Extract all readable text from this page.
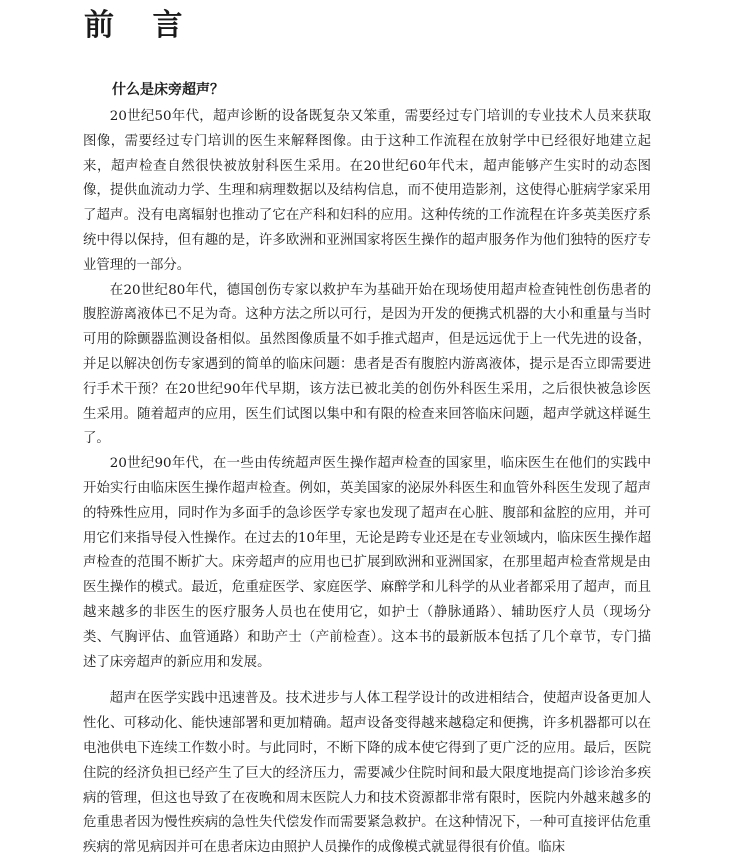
前 言
什么是床旁超声？

20世纪50年代，超声诊断的设备既复杂又笨重，需要经过专门培训的专业技术人员来获取图像，需要经过专门培训的医生来解释图像。由于这种工作流程在放射学中已经很好地建立起来，超声检查自然很快被放射科医生采用。在20世纪60年代末，超声能够产生实时的动态图像，提供血流动力学、生理和病理数据以及结构信息，而不使用造影剂，这使得心脏病学家采用了超声。没有电离辐射也推动了它在产科和妇科的应用。这种传统的工作流程在许多英美医疗系统中得以保持，但有趣的是，许多欧洲和亚洲国家将医生操作的超声服务作为他们独特的医疗专业管理的一部分。

在20世纪80年代，德国创伤专家以救护车为基础开始在现场使用超声检查钝性创伤患者的腹腔游离液体已不足为奇。这种方法之所以可行，是因为开发的便携式机器的大小和重量与当时可用的除颤器监测设备相似。虽然图像质量不如手推式超声，但是远远优于上一代先进的设备，并足以解决创伤专家遇到的简单的临床问题：患者是否有腹腔内游离液体，提示是否立即需要进行手术干预？在20世纪90年代早期，该方法已被北美的创伤外科医生采用，之后很快被急诊医生采用。随着超声的应用，医生们试图以集中和有限的检查来回答临床问题，超声学就这样诞生了。

20世纪90年代，在一些由传统超声医生操作超声检查的国家里，临床医生在他们的实践中开始实行由临床医生操作超声检查。例如，英美国家的泌尿外科医生和血管外科医生发现了超声的特殊性应用，同时作为多面手的急诊医学专家也发现了超声在心脏、腹部和盆腔的应用，并可用它们来指导侵入性操作。在过去的10年里，无论是跨专业还是在专业领域内，临床医生操作超声检查的范围不断扩大。床旁超声的应用也已扩展到欧洲和亚洲国家，在那里超声检查常规是由医生操作的模式。最近，危重症医学、家庭医学、麻醉学和儿科学的从业者都采用了超声，而且越来越多的非医生的医疗服务人员也在使用它，如护士（静脉通路）、辅助医疗人员（现场分类、气胸评估、血管通路）和助产士（产前检查）。这本书的最新版本包括了几个章节，专门描述了床旁超声的新应用和发展。

超声在医学实践中迅速普及。技术进步与人体工程学设计的改进相结合，使超声设备更加人性化、可移动化、能快速部署和更加精确。超声设备变得越来越稳定和便携，许多机器都可以在电池供电下连续工作数小时。与此同时，不断下降的成本使它得到了更广泛的应用。最后，医院住院的经济负担已经产生了巨大的经济压力，需要减少住院时间和最大限度地提高门诊诊治多疾病的管理，但这也导致了在夜晚和周末医院人力和技术资源都非常有限时，医院内外越来越多的危重患者因为慢性疾病的急性失代偿发作而需要紧急救护。在这种情况下，一种可直接评估危重疾病的常见病因并可在患者床边由照护人员操作的成像模式就显得很有价值。临床
